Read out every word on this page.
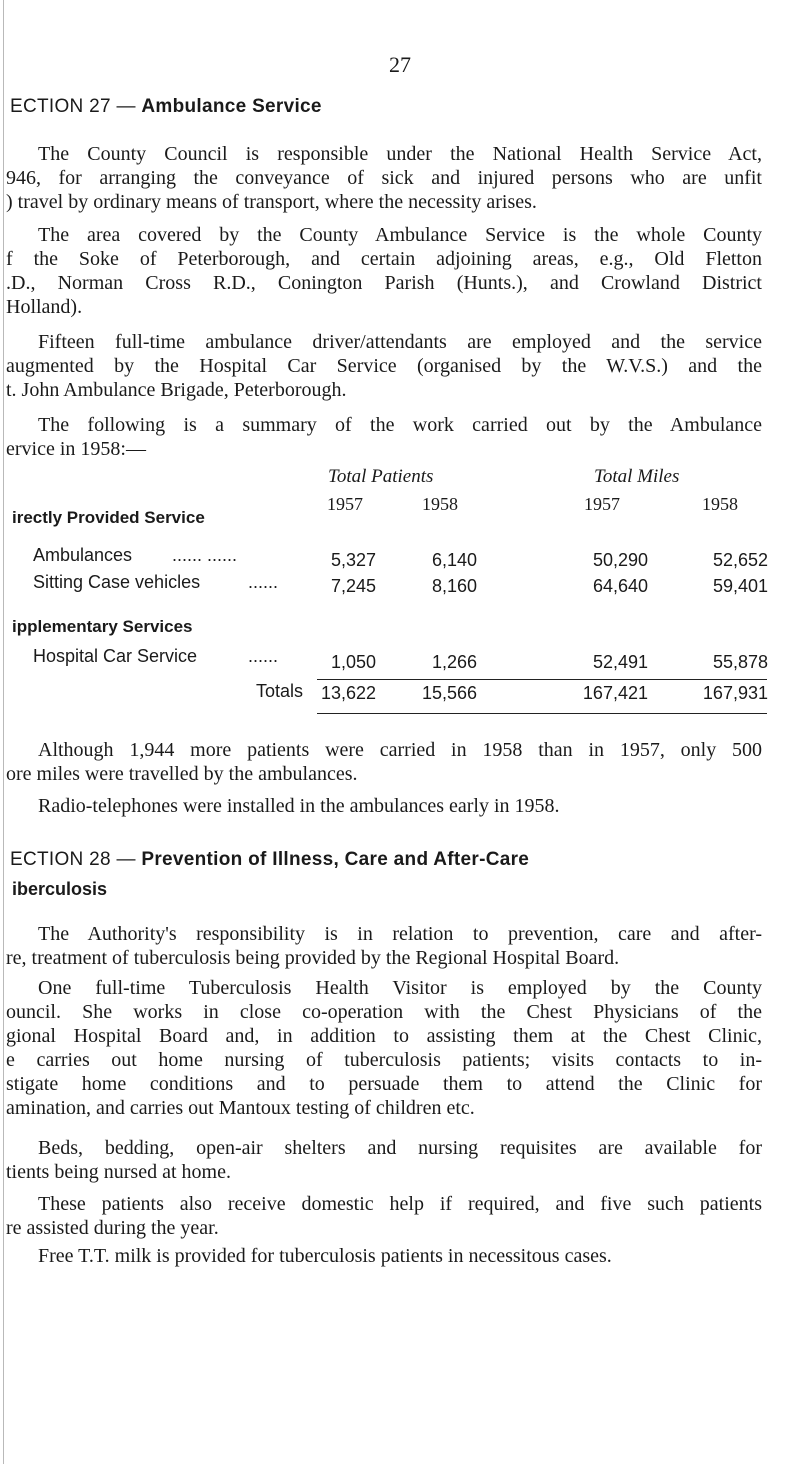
27
ECTION 27 — Ambulance Service
The County Council is responsible under the National Health Service Act,
946, for arranging the conveyance of sick and injured persons who are unfit
) travel by ordinary means of transport, where the necessity arises.
The area covered by the County Ambulance Service is the whole County
f the Soke of Peterborough, and certain adjoining areas, e.g., Old Fletton
.D., Norman Cross R.D., Conington Parish (Hunts.), and Crowland District
Holland).
Fifteen full-time ambulance driver/attendants are employed and the service
augmented by the Hospital Car Service (organised by the W.V.S.) and the
t. John Ambulance Brigade, Peterborough.
The following is a summary of the work carried out by the Ambulance
ervice in 1958:—
Total Patients	Total Miles
1957	1958	1957	1958
irectly Provided Service
Ambulances ...... ......	5,327	6,140	50,290	52,652
Sitting Case vehicles	......	7,245	8,160	64,640	59,401
ipplementary Services
Hospital Car Service	......	1,050	1,266	52,491	55,878
Totals 13,622	15,566	167,421	167,931
Although 1,944 more patients were carried in 1958 than in 1957, only 500
ore miles were travelled by the ambulances.
Radio-telephones were installed in the ambulances early in 1958.
ECTION 28 — Prevention of Illness, Care and After-Care
iberculosis
The Authority's responsibility is in relation to prevention, care and after-
re, treatment of tuberculosis being provided by the Regional Hospital Board.
One full-time Tuberculosis Health Visitor is employed by the County
ouncil. She works in close co-operation with the Chest Physicians of the
gional Hospital Board and, in addition to assisting them at the Chest Clinic,
e carries out home nursing of tuberculosis patients; visits contacts to in-
stigate home conditions and to persuade them to attend the Clinic for
amination, and carries out Mantoux testing of children etc.
Beds, bedding, open-air shelters and nursing requisites are available for
tients being nursed at home.
These patients also receive domestic help if required, and five such patients
re assisted during the year.
Free T.T. milk is provided for tuberculosis patients in necessitous cases.
